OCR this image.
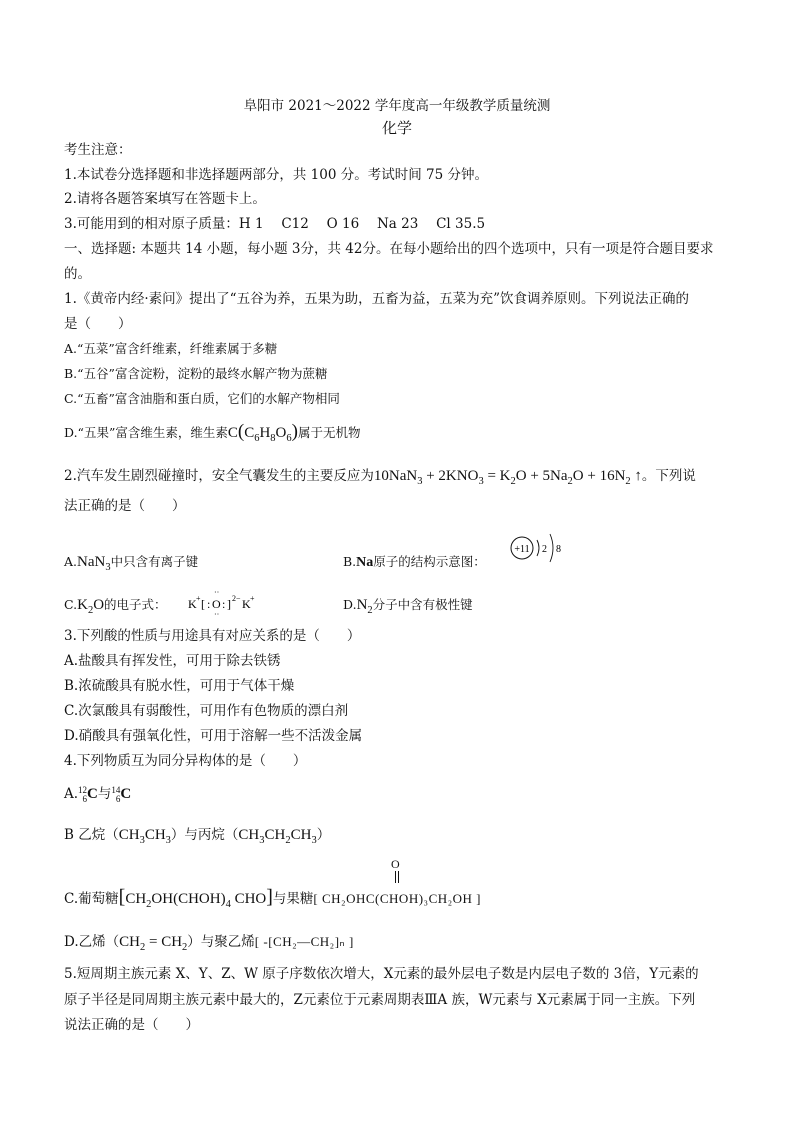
阜阳市 2021～2022 学年度高一年级教学质量统测
化学
考生注意：
1.本试卷分选择题和非选择题两部分，共 100 分。考试时间 75 分钟。
2.请将各题答案填写在答题卡上。
3.可能用到的相对原子质量：H 1　 C12　 O 16　 Na 23　 Cl 35.5
一、选择题: 本题共 14 小题，每小题 3分，共 42分。在每小题给出的四个选项中，只有一项是符合题目要求
的。
1.《黄帝内经·素问》提出了“五谷为养，五果为助，五畜为益，五菜为充”饮食调养原则。下列说法正确的
是（　　）
A.“五菜”富含纤维素，纤维素属于多糖
B.“五谷”富含淀粉，淀粉的最终水解产物为蔗糖
C.“五畜”富含油脂和蛋白质，它们的水解产物相同
D.“五果”富含维生素，维生素$C(C_6H_8O_6)$属于无机物
2.汽车发生剧烈碰撞时，安全气囊发生的主要反应为$10NaN_3 + 2KNO_3 = K_2O + 5Na_2O + 16N_2$ ↑。下列说
法正确的是（　　）
A.NaN$_3$中只含有离子键	B.Na原子的结构示意图：
+11 2 8
$C.K_2O$的电子式： K + [ : O
··
··
: ] 2− K +	$D.N_2$分子中含有极性键
3.下列酸的性质与用途具有对应关系的是（　　）
A.盐酸具有挥发性，可用于除去铁锈
B.浓硫酸具有脱水性，可用于气体干燥
C.次氯酸具有弱酸性，可用作有色物质的漂白剂
D.硝酸具有强氧化性，可用于溶解一些不活泼金属
4.下列物质互为同分异构体的是（　　）
A.12
6C与14
6C
B 乙烷$(CH_3CH_3)$与丙烷$(CH_3CH_2CH_3)$
O
C.葡萄糖[$CH_2OH(CHOH)_4$ CHO]与果糖[ CH₂OHC(CHOH)₃CH₂OH ]
D.乙烯$(CH_2 = CH_2)$与聚乙烯[ -[CH₂—CH₂]ₙ ]
5.短周期主族元素 X、Y、Z、W 原子序数依次增大，X元素的最外层电子数是内层电子数的 3倍，Y元素的
原子半径是同周期主族元素中最大的，Z元素位于元素周期表ⅢA 族，W元素与 X元素属于同一主族。下列
说法正确的是（　　）
